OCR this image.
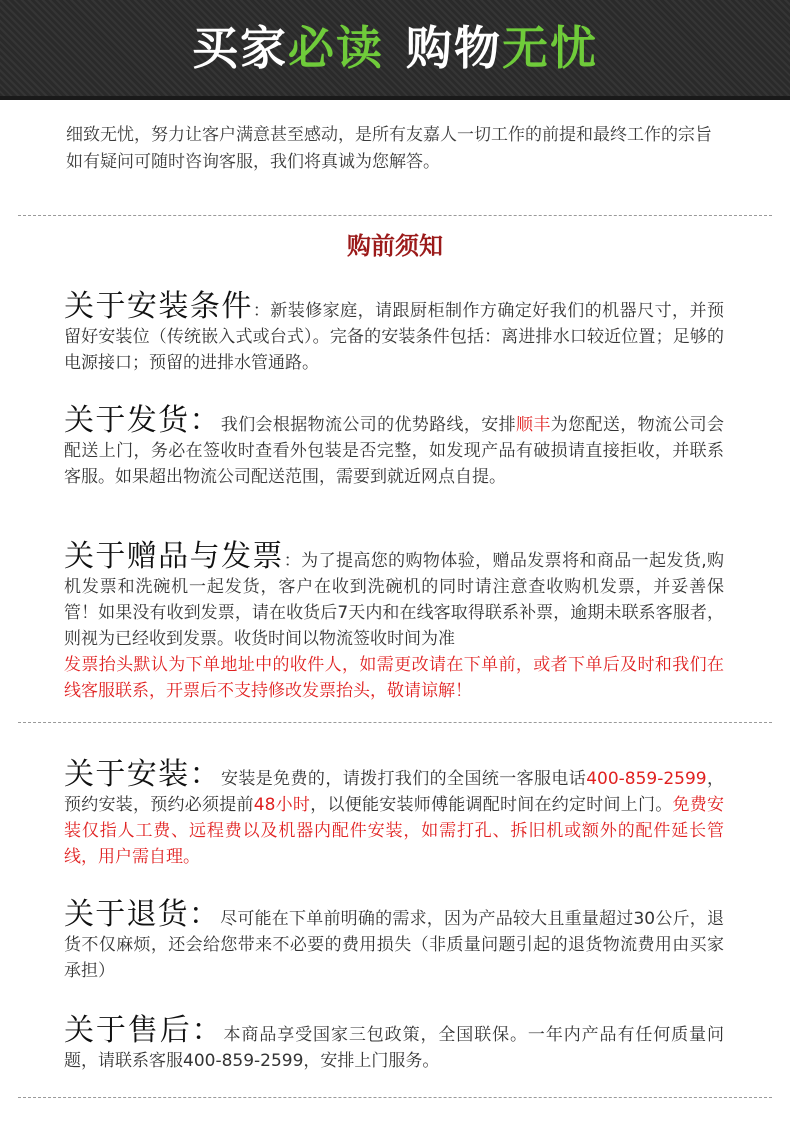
买家必读 购物无忧
细致无忧，努力让客户满意甚至感动，是所有友嘉人一切工作的前提和最终工作的宗旨如有疑问可随时咨询客服，我们将真诚为您解答。
购前须知
关于安装条件：新装修家庭，请跟厨柜制作方确定好我们的机器尺寸，并预留好安装位（传统嵌入式或台式）。完备的安装条件包括：离进排水口较近位置；足够的电源接口；预留的进排水管通路。
关于发货：我们会根据物流公司的优势路线，安排顺丰为您配送，物流公司会配送上门，务必在签收时查看外包装是否完整，如发现产品有破损请直接拒收，并联系客服。如果超出物流公司配送范围，需要到就近网点自提。
关于赠品与发票：为了提高您的购物体验，赠品发票将和商品一起发货,购机发票和洗碗机一起发货，客户在收到洗碗机的同时请注意查收购机发票，并妥善保管！如果没有收到发票，请在收货后7天内和在线客取得联系补票，逾期未联系客服者，则视为已经收到发票。收货时间以物流签收时间为准
发票抬头默认为下单地址中的收件人，如需更改请在下单前，或者下单后及时和我们在线客服联系，开票后不支持修改发票抬头，敬请谅解！
关于安装：安装是免费的，请拨打我们的全国统一客服电话400-859-2599，预约安装，预约必须提前48小时，以便能安装师傅能调配时间在约定时间上门。免费安装仅指人工费、远程费以及机器内配件安装，如需打孔、拆旧机或额外的配件延长管线，用户需自理。
关于退货：尽可能在下单前明确的需求，因为产品较大且重量超过30公斤，退货不仅麻烦，还会给您带来不必要的费用损失（非质量问题引起的退货物流费用由买家承担）
关于售后：本商品享受国家三包政策，全国联保。一年内产品有任何质量问题，请联系客服400-859-2599，安排上门服务。
